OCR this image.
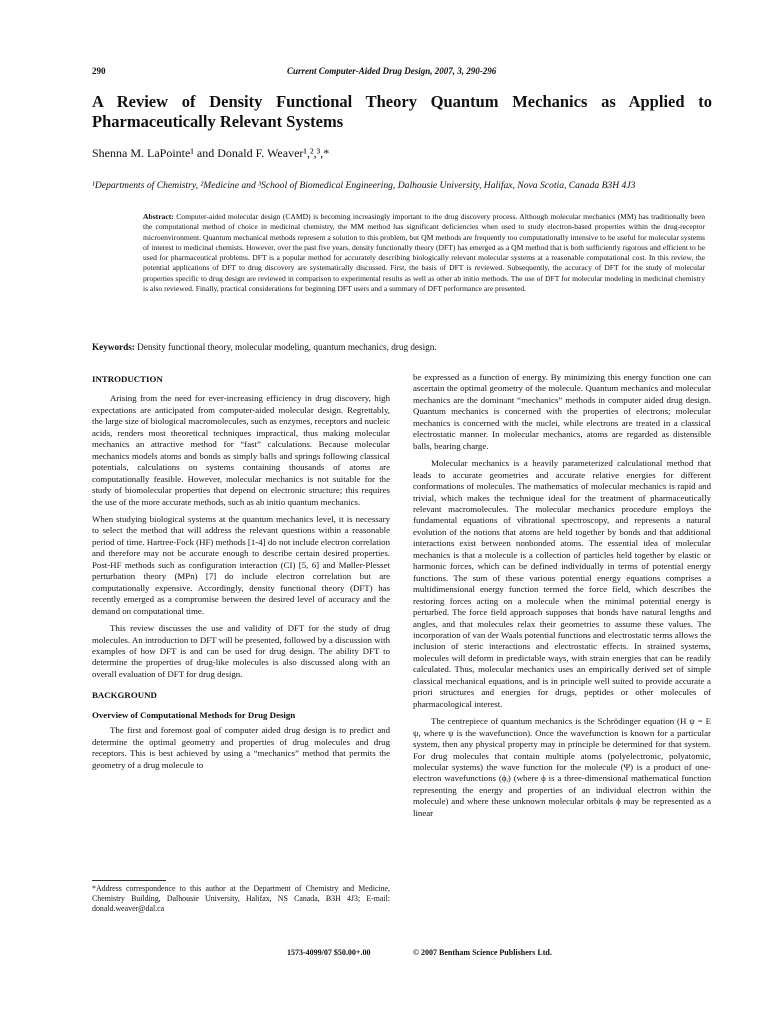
290	Current Computer-Aided Drug Design, 2007, 3, 290-296
A Review of Density Functional Theory Quantum Mechanics as Applied to Pharmaceutically Relevant Systems
Shenna M. LaPointe¹ and Donald F. Weaver¹,²,³,*
¹Departments of Chemistry, ²Medicine and ³School of Biomedical Engineering, Dalhousie University, Halifax, Nova Scotia, Canada B3H 4J3
Abstract: Computer-aided molecular design (CAMD) is becoming increasingly important to the drug discovery process. Although molecular mechanics (MM) has traditionally been the computational method of choice in medicinal chemistry, the MM method has significant deficiencies when used to study electron-based properties within the drug-receptor microenvironment. Quantum mechanical methods represent a solution to this problem, but QM methods are frequently too computationally intensive to be useful for molecular systems of interest to medicinal chemists. However, over the past five years, density functionally theory (DFT) has emerged as a QM method that is both sufficiently rigorous and efficient to be used for pharmaceutical problems. DFT is a popular method for accurately describing biologically relevant molecular systems at a reasonable computational cost. In this review, the potential applications of DFT to drug discovery are systematically discussed. First, the basis of DFT is reviewed. Subsequently, the accuracy of DFT for the study of molecular properties specific to drug design are reviewed in comparison to experimental results as well as other ab initio methods. The use of DFT for molecular modeling in medicinal chemistry is also reviewed. Finally, practical considerations for beginning DFT users and a summary of DFT performance are presented.
Keywords: Density functional theory, molecular modeling, quantum mechanics, drug design.
INTRODUCTION

Arising from the need for ever-increasing efficiency in drug discovery, high expectations are anticipated from computer-aided molecular design. Regrettably, the large size of biological macromolecules, such as enzymes, receptors and nucleic acids, renders most theoretical techniques impractical, thus making molecular mechanics an attractive method for “fast” calculations. Because molecular mechanics models atoms and bonds as simply balls and springs following classical potentials, calculations on systems containing thousands of atoms are computationally feasible. However, molecular mechanics is not suitable for the study of biomolecular properties that depend on electronic structure; this requires the use of the more accurate methods, such as ab initio quantum mechanics.

When studying biological systems at the quantum mechanics level, it is necessary to select the method that will address the relevant questions within a reasonable period of time. Hartree-Fock (HF) methods [1-4] do not include electron correlation and therefore may not be accurate enough to describe certain desired properties. Post-HF methods such as configuration interaction (CI) [5, 6] and Møller-Plesset perturbation theory (MPn) [7] do include electron correlation but are computationally expensive. Accordingly, density functional theory (DFT) has recently emerged as a compromise between the desired level of accuracy and the demand on computational time.

This review discusses the use and validity of DFT for the study of drug molecules. An introduction to DFT will be presented, followed by a discussion with examples of how DFT is and can be used for drug design. The ability DFT to determine the properties of drug-like molecules is also discussed along with an overall evaluation of DFT for drug design.

BACKGROUND
Overview of Computational Methods for Drug Design

The first and foremost goal of computer aided drug design is to predict and determine the optimal geometry and properties of drug molecules and drug receptors. This is best achieved by using a “mechanics” method that permits the geometry of a drug molecule to

be expressed as a function of energy. By minimizing this energy function one can ascertain the optimal geometry of the molecule. Quantum mechanics and molecular mechanics are the dominant “mechanics” methods in computer aided drug design. Quantum mechanics is concerned with the properties of electrons; molecular mechanics is concerned with the nuclei, while electrons are treated in a classical electrostatic manner. In molecular mechanics, atoms are regarded as distensible balls, bearing charge.

Molecular mechanics is a heavily parameterized calculational method that leads to accurate geometries and accurate relative energies for different conformations of molecules. The mathematics of molecular mechanics is rapid and trivial, which makes the technique ideal for the treatment of pharmaceutically relevant macromolecules. The molecular mechanics procedure employs the fundamental equations of vibrational spectroscopy, and represents a natural evolution of the notions that atoms are held together by bonds and that additional interactions exist between nonbonded atoms. The essential idea of molecular mechanics is that a molecule is a collection of particles held together by elastic or harmonic forces, which can be defined individually in terms of potential energy functions. The sum of these various potential energy equations comprises a multidimensional energy function termed the force field, which describes the restoring forces acting on a molecule when the minimal potential energy is perturbed. The force field approach supposes that bonds have natural lengths and angles, and that molecules relax their geometries to assume these values. The incorporation of van der Waals potential functions and electrostatic terms allows the inclusion of steric interactions and electrostatic effects. In strained systems, molecules will deform in predictable ways, with strain energies that can be readily calculated. Thus, molecular mechanics uses an empirically derived set of simple classical mechanical equations, and is in principle well suited to provide accurate a priori structures and energies for drugs, peptides or other molecules of pharmacological interest.

The centrepiece of quantum mechanics is the Schrödinger equation (H ψ = E ψ, where ψ is the wavefunction). Once the wavefunction is known for a particular system, then any physical property may in principle be determined for that system. For drug molecules that contain multiple atoms (polyelectronic, polyatomic, molecular systems) the wave function for the molecule (Ψ) is a product of one-electron wavefunctions (ϕᵢ) (where ϕ is a three-dimensional mathematical function representing the energy and properties of an individual electron within the molecule) and where these unknown molecular orbitals ϕ may be represented as a linear

*Address correspondence to this author at the Department of Chemistry and Medicine, Chemistry Building, Dalhousie University, Halifax, NS Canada, B3H 4J3; E-mail: donald.weaver@dal.ca
1573-4099/07 $50.00+.00	© 2007 Bentham Science Publishers Ltd.
